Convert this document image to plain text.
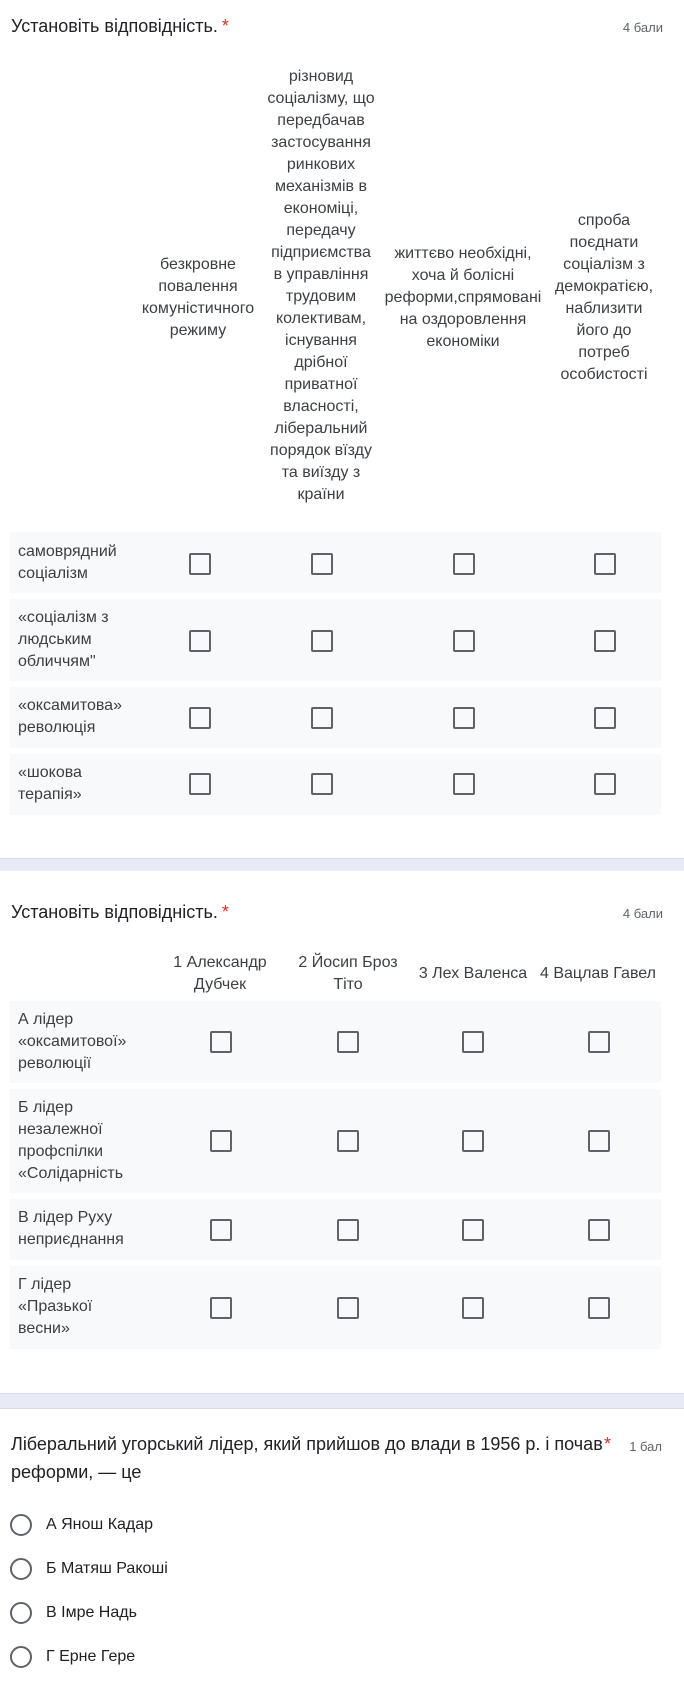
Установіть відповідність. *	4 бали
безкровне повалення комуністичного режиму
різновид соціалізму, що передбачав застосування ринкових механізмів в економіці, передачу підприємства в управління трудовим колективам, існування дрібної приватної власності, ліберальний порядок вїзду та виїзду з країни
життєво необхідні, хоча й болісні реформи,спрямовані на оздоровлення економіки
спроба поєднати соціалізм з демократією, наблизити його до потреб особистості
самоврядний соціалізм
«соціалізм з людським обличчям"
«оксамитова» революція
«шокова терапія»
Установіть відповідність. *	4 бали
1 Александр Дубчек
2 Йосип Броз Тіто
3 Лех Валенса 4 Вацлав Гавел
А лідер «оксамитової» революції
Б лідер незалежної профспілки «Солідарність
В лідер Руху неприєднання
Г лідер «Празької весни»
Ліберальний угорський лідер, який прийшов до влади в 1956 р. і почав реформи, — це
* 1 бал
А Янош Кадар
Б Матяш Ракоші
В Імре Надь
Г Ерне Гере
